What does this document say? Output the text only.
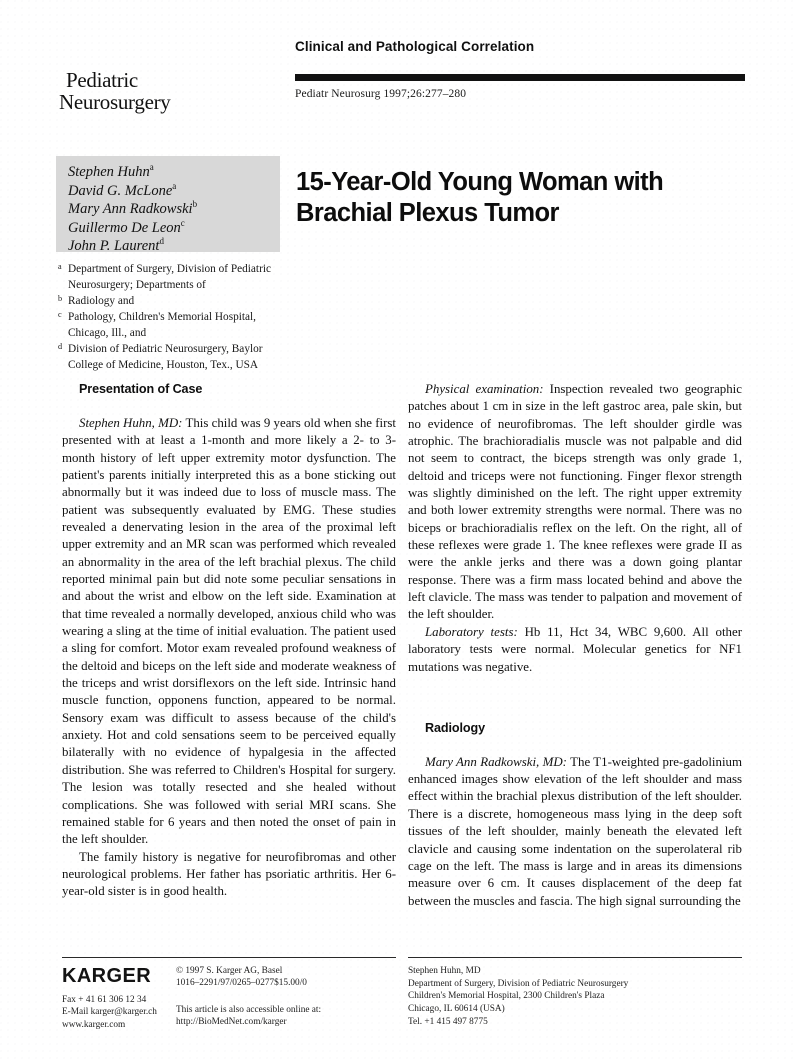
Clinical and Pathological Correlation
Pediatr Neurosurg 1997;26:277–280
Pediatric
Neurosurgery
Stephen Huhn$^a$
David G. McLone$^a$
Mary Ann Radkowski$^b$
Guillermo De Leon$^c$
John P. Laurent$^d$

a Department of Surgery, Division of Pediatric Neurosurgery; Departments of

b Radiology and

c Pathology, Children's Memorial Hospital, Chicago, Ill., and

d Division of Pediatric Neurosurgery, Baylor College of Medicine, Houston, Tex., USA

15-Year-Old Young Woman with Brachial Plexus Tumor
Presentation of Case

Stephen Huhn, MD: This child was 9 years old when she first presented with at least a 1-month and more likely a 2- to 3-month history of left upper extremity motor dysfunction. The patient's parents initially interpreted this as a bone sticking out abnormally but it was indeed due to loss of muscle mass. The patient was subsequently evaluated by EMG. These studies revealed a denervating lesion in the area of the proximal left upper extremity and an MR scan was performed which revealed an abnormality in the area of the left brachial plexus. The child reported minimal pain but did note some peculiar sensations in and about the wrist and elbow on the left side. Examination at that time revealed a normally developed, anxious child who was wearing a sling at the time of initial evaluation. The patient used a sling for comfort. Motor exam revealed profound weakness of the deltoid and biceps on the left side and moderate weakness of the triceps and wrist dorsiflexors on the left side. Intrinsic hand muscle function, opponens function, appeared to be normal. Sensory exam was difficult to assess because of the child's anxiety. Hot and cold sensations seem to be perceived equally bilaterally with no evidence of hypalgesia in the affected distribution. She was referred to Children's Hospital for surgery. The lesion was totally resected and she healed without complications. She was followed with serial MRI scans. She remained stable for 6 years and then noted the onset of pain in the left shoulder.

The family history is negative for neurofibromas and other neurological problems. Her father has psoriatic arthritis. Her 6-year-old sister is in good health.

Physical examination: Inspection revealed two geographic patches about 1 cm in size in the left gastroc area, pale skin, but no evidence of neurofibromas. The left shoulder girdle was atrophic. The brachioradialis muscle was not palpable and did not seem to contract, the biceps strength was only grade 1, deltoid and triceps were not functioning. Finger flexor strength was slightly diminished on the left. The right upper extremity and both lower extremity strengths were normal. There was no biceps or brachioradialis reflex on the left. On the right, all of these reflexes were grade 1. The knee reflexes were grade II as were the ankle jerks and there was a down going plantar response. There was a firm mass located behind and above the left clavicle. The mass was tender to palpation and movement of the left shoulder.

Laboratory tests: Hb 11, Hct 34, WBC 9,600. All other laboratory tests were normal. Molecular genetics for NF1 mutations was negative.

Radiology

Mary Ann Radkowski, MD: The T1-weighted pre-gadolinium enhanced images show elevation of the left shoulder and mass effect within the brachial plexus distribution of the left shoulder. There is a discrete, homogeneous mass lying in the deep soft tissues of the left shoulder, mainly beneath the elevated left clavicle and causing some indentation on the superolateral rib cage on the left. The mass is large and in areas its dimensions measure over 6 cm. It causes displacement of the deep fat between the muscles and fascia. The high signal surrounding the

KARGER
Fax + 41 61 306 12 34
E-Mail karger@karger.ch
www.karger.com
© 1997 S. Karger AG, Basel
1016–2291/97/0265–0277$15.00/0
This article is also accessible online at:
http://BioMedNet.com/karger
Stephen Huhn, MD
Department of Surgery, Division of Pediatric Neurosurgery
Children's Memorial Hospital, 2300 Children's Plaza
Chicago, IL 60614 (USA)
Tel. +1 415 497 8775
